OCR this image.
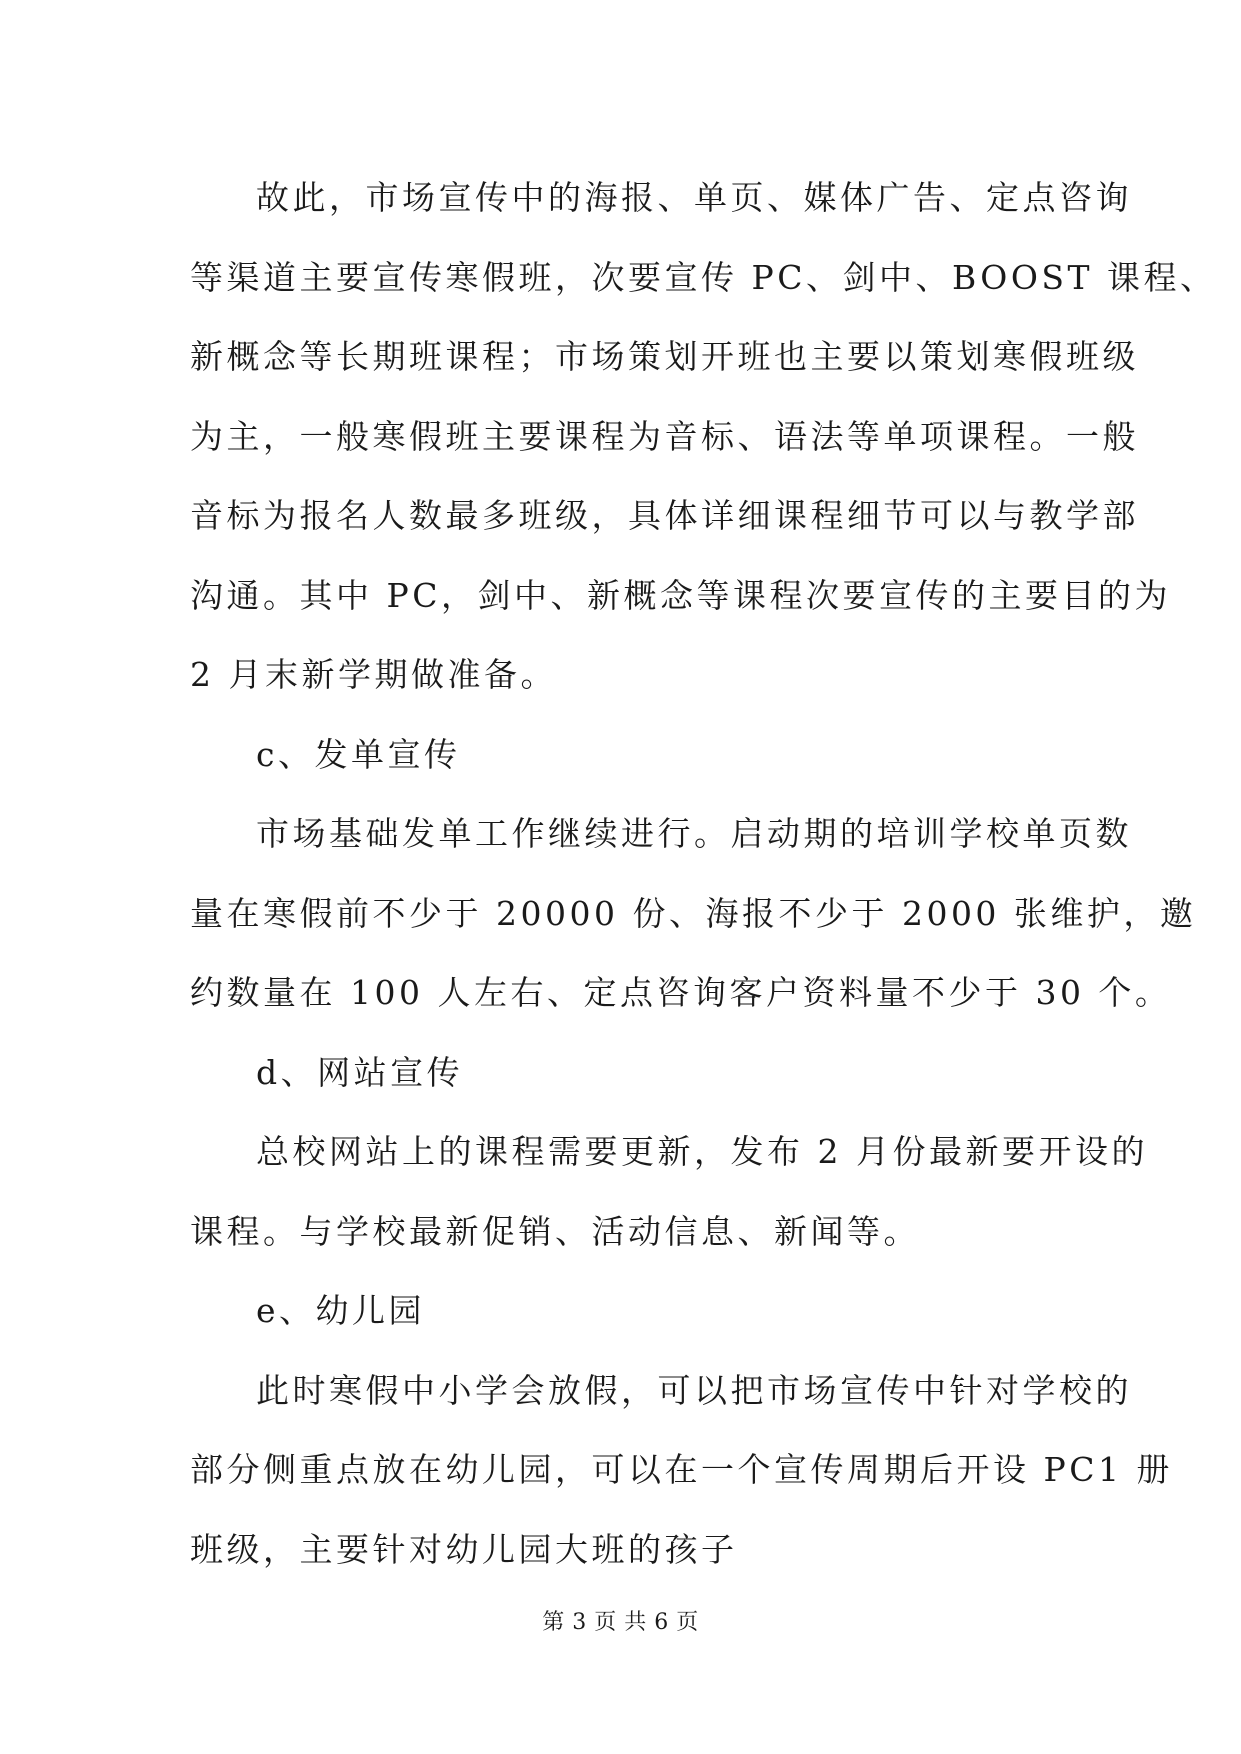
故此，市场宣传中的海报、单页、媒体广告、定点咨询
等渠道主要宣传寒假班，次要宣传 PC、剑中、BOOST 课程、
新概念等长期班课程；市场策划开班也主要以策划寒假班级
为主，一般寒假班主要课程为音标、语法等单项课程。一般
音标为报名人数最多班级，具体详细课程细节可以与教学部
沟通。其中 PC，剑中、新概念等课程次要宣传的主要目的为
2 月末新学期做准备。
c、发单宣传
市场基础发单工作继续进行。启动期的培训学校单页数
量在寒假前不少于 20000 份、海报不少于 2000 张维护，邀
约数量在 100 人左右、定点咨询客户资料量不少于 30 个。
d、网站宣传
总校网站上的课程需要更新，发布 2 月份最新要开设的
课程。与学校最新促销、活动信息、新闻等。
e、幼儿园
此时寒假中小学会放假，可以把市场宣传中针对学校的
部分侧重点放在幼儿园，可以在一个宣传周期后开设 PC1 册
班级，主要针对幼儿园大班的孩子
第 3 页 共 6 页
